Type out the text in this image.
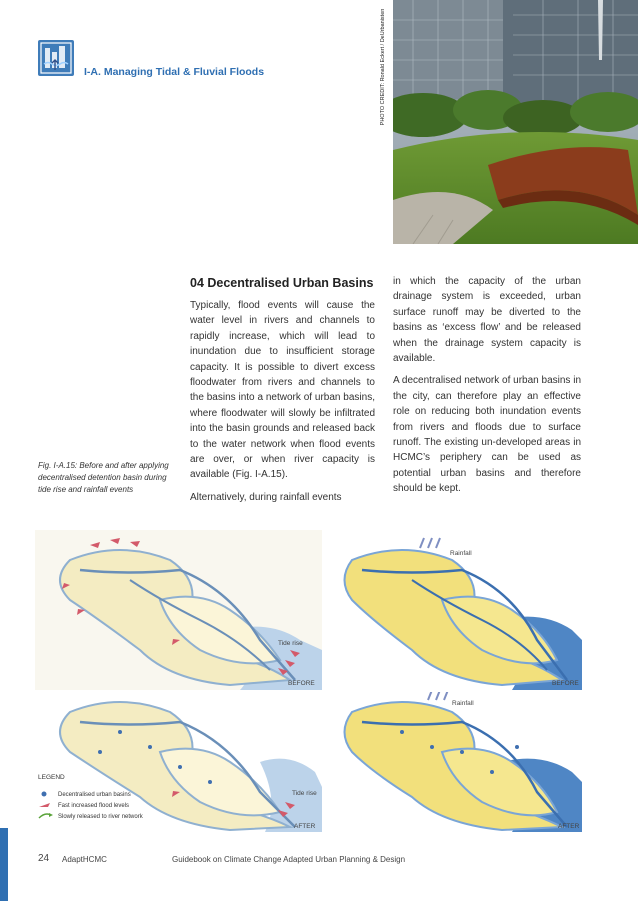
I-A. Managing Tidal & Fluvial Floods	PHOTO CREDIT: Ronald Eckert / DeUrbanisten
04 Decentralised Urban Basins

Typically, flood events will cause the water level in rivers and channels to rapidly increase, which will lead to inundation due to insufficient storage capacity. It is possible to divert excess floodwater from rivers and channels to the basins into a network of urban basins, where floodwater will slowly be infiltrated into the basin grounds and released back to the water network when flood events are over, or when river capacity is available (Fig. I-A.15).

Alternatively, during rainfall events

in which the capacity of the urban drainage system is exceeded, urban surface runoff may be diverted to the basins as ‘excess flow’ and be released when the drainage system capacity is available.

A decentralised network of urban basins in the city, can therefore play an effective role on reducing both inundation events from rivers and floods due to surface runoff. The existing un-developed areas in HCMC’s periphery can be used as potential urban basins and therefore should be kept.

Fig. I-A.15: Before and after applying decentralised detention basin during tide rise and rainfall events
Tide rise
BEFORE
Rainfall
BEFORE
Tide rise
AFTER
Rainfall
AFTER
LEGEND
Decentralised urban basins
Fast increased flood levels
Slowly released to river network
24 AdaptHCMC	Guidebook on Climate Change Adapted Urban Planning & Design
